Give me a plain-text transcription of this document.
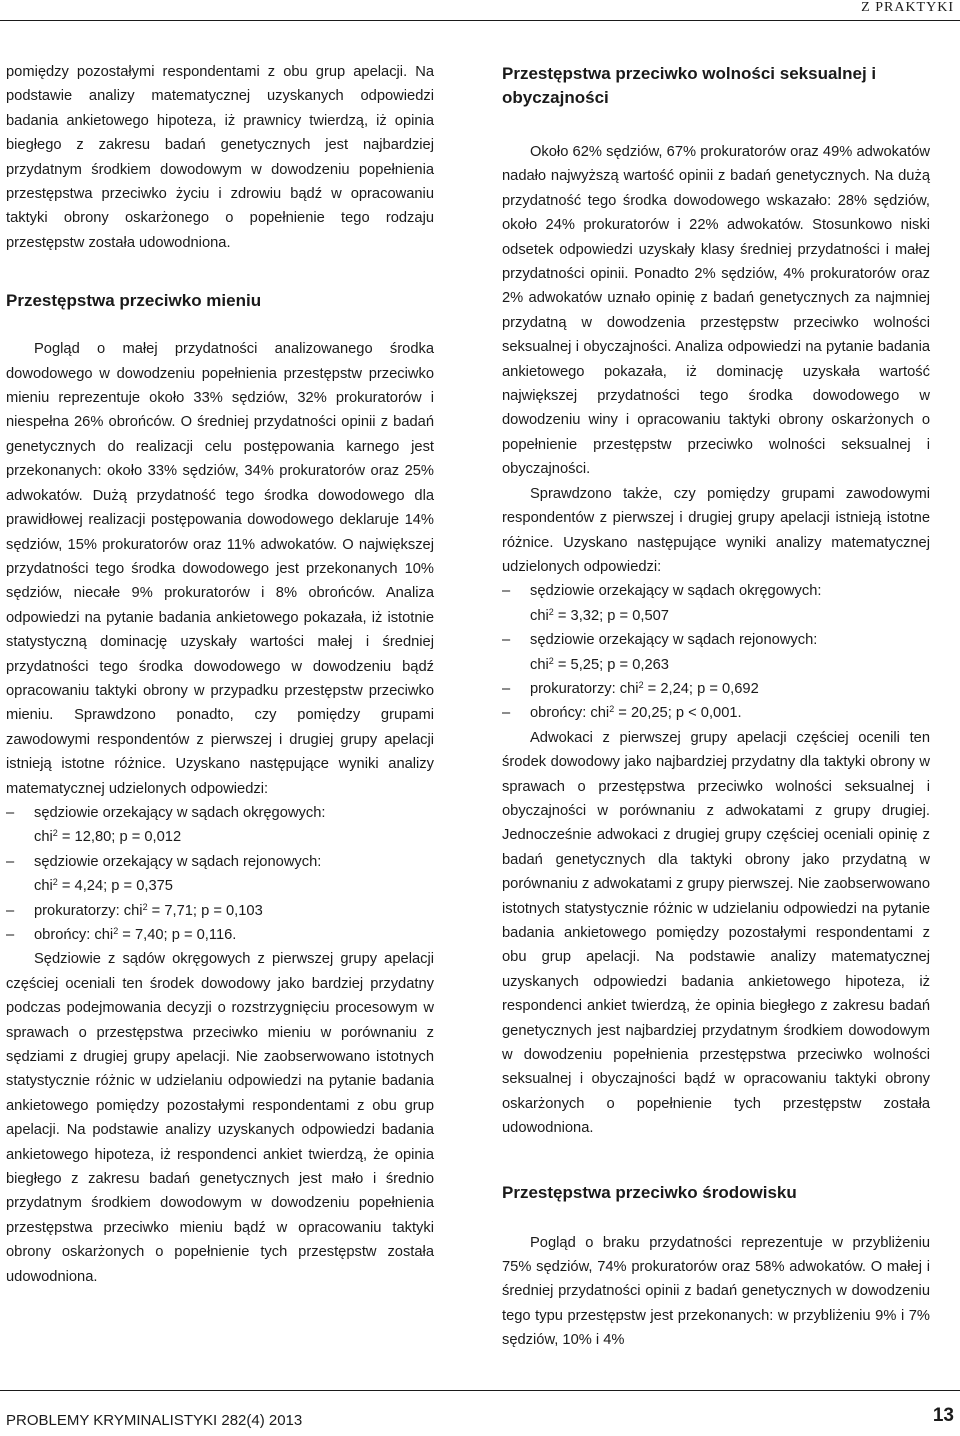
Z PRAKTYKI

pomiędzy pozostałymi respondentami z obu grup apelacji. Na podstawie analizy matematycznej uzyskanych odpowiedzi badania ankietowego hipoteza, iż prawnicy twierdzą, iż opinia biegłego z zakresu badań genetycznych jest najbardziej przydatnym środkiem dowodowym w dowodzeniu popełnienia przestępstwa przeciwko życiu i zdrowiu bądź w opracowaniu taktyki obrony oskarżonego o popełnienie tego rodzaju przestępstw została udowodniona.

Przestępstwa przeciwko mieniu

Pogląd o małej przydatności analizowanego środka dowodowego w dowodzeniu popełnienia przestępstw przeciwko mieniu reprezentuje około 33% sędziów, 32% prokuratorów i niespełna 26% obrońców. O średniej przydatności opinii z badań genetycznych do realizacji celu postępowania karnego jest przekonanych: około 33% sędziów, 34% prokuratorów oraz 25% adwokatów. Dużą przydatność tego środka dowodowego dla prawidłowej realizacji postępowania dowodowego deklaruje 14% sędziów, 15% prokuratorów oraz 11% adwokatów. O największej przydatności tego środka dowodowego jest przekonanych 10% sędziów, niecałe 9% prokuratorów i 8% obrońców. Analiza odpowiedzi na pytanie badania ankietowego pokazała, iż istotnie statystyczną dominację uzyskały wartości małej i średniej przydatności tego środka dowodowego w dowodzeniu bądź opracowaniu taktyki obrony w przypadku przestępstw przeciwko mieniu. Sprawdzono ponadto, czy pomiędzy grupami zawodowymi respondentów z pierwszej i drugiej grupy apelacji istnieją istotne różnice. Uzyskano następujące wyniki analizy matematycznej udzielonych odpowiedzi:

– sędziowie orzekający w sądach okręgowych:
chi$^2$ = 12,80; p = 0,012
– sędziowie orzekający w sądach rejonowych:
chi$^2$ = 4,24; p = 0,375
– prokuratorzy: chi$^2$ = 7,71; p = 0,103
– obrońcy: chi$^2$ = 7,40; p = 0,116.

Sędziowie z sądów okręgowych z pierwszej grupy apelacji częściej oceniali ten środek dowodowy jako bardziej przydatny podczas podejmowania decyzji o rozstrzygnięciu procesowym w sprawach o przestępstwa przeciwko mieniu w porównaniu z sędziami z drugiej grupy apelacji. Nie zaobserwowano istotnych statystycznie różnic w udzielaniu odpowiedzi na pytanie badania ankietowego pomiędzy pozostałymi respondentami z obu grup apelacji. Na podstawie analizy uzyskanych odpowiedzi badania ankietowego hipoteza, iż respondenci ankiet twierdzą, że opinia biegłego z zakresu badań genetycznych jest mało i średnio przydatnym środkiem dowodowym w dowodzeniu popełnienia przestępstwa przeciwko mieniu bądź w opracowaniu taktyki obrony oskarżonych o popełnienie tych przestępstw została udowodniona.

Przestępstwa przeciwko wolności seksualnej i obyczajności

Około 62% sędziów, 67% prokuratorów oraz 49% adwokatów nadało najwyższą wartość opinii z badań genetycznych. Na dużą przydatność tego środka dowodowego wskazało: 28% sędziów, około 24% prokuratorów i 22% adwokatów. Stosunkowo niski odsetek odpowiedzi uzyskały klasy średniej przydatności i małej przydatności opinii. Ponadto 2% sędziów, 4% prokuratorów oraz 2% adwokatów uznało opinię z badań genetycznych za najmniej przydatną w dowodzenia przestępstw przeciwko wolności seksualnej i obyczajności. Analiza odpowiedzi na pytanie badania ankietowego pokazała, iż dominację uzyskała wartość największej przydatności tego środka dowodowego w dowodzeniu winy i opracowaniu taktyki obrony oskarżonych o popełnienie przestępstw przeciwko wolności seksualnej i obyczajności.

Sprawdzono także, czy pomiędzy grupami zawodowymi respondentów z pierwszej i drugiej grupy apelacji istnieją istotne różnice. Uzyskano następujące wyniki analizy matematycznej udzielonych odpowiedzi:

– sędziowie orzekający w sądach okręgowych:
chi$^2$ = 3,32; p = 0,507
– sędziowie orzekający w sądach rejonowych:
chi$^2$ = 5,25; p = 0,263
– prokuratorzy: chi$^2$ = 2,24; p = 0,692
– obrońcy: chi$^2$ = 20,25; p < 0,001.

Adwokaci z pierwszej grupy apelacji częściej ocenili ten środek dowodowy jako najbardziej przydatny dla taktyki obrony w sprawach o przestępstwa przeciwko wolności seksualnej i obyczajności w porównaniu z adwokatami z grupy drugiej. Jednocześnie adwokaci z drugiej grupy częściej oceniali opinię z badań genetycznych dla taktyki obrony jako przydatną w porównaniu z adwokatami z grupy pierwszej. Nie zaobserwowano istotnych statystycznie różnic w udzielaniu odpowiedzi na pytanie badania ankietowego pomiędzy pozostałymi respondentami z obu grup apelacji. Na podstawie analizy matematycznej uzyskanych odpowiedzi badania ankietowego hipoteza, iż respondenci ankiet twierdzą, że opinia biegłego z zakresu badań genetycznych jest najbardziej przydatnym środkiem dowodowym w dowodzeniu popełnienia przestępstwa przeciwko wolności seksualnej i obyczajności bądź w opracowaniu taktyki obrony oskarżonych o popełnienie tych przestępstw została udowodniona.

Przestępstwa przeciwko środowisku

Pogląd o braku przydatności reprezentuje w przybliżeniu 75% sędziów, 74% prokuratorów oraz 58% adwokatów. O małej i średniej przydatności opinii z badań genetycznych w dowodzeniu tego typu przestępstw jest przekonanych: w przybliżeniu 9% i 7% sędziów, 10% i 4%

PROBLEMY KRYMINALISTYKI 282(4) 2013	13
